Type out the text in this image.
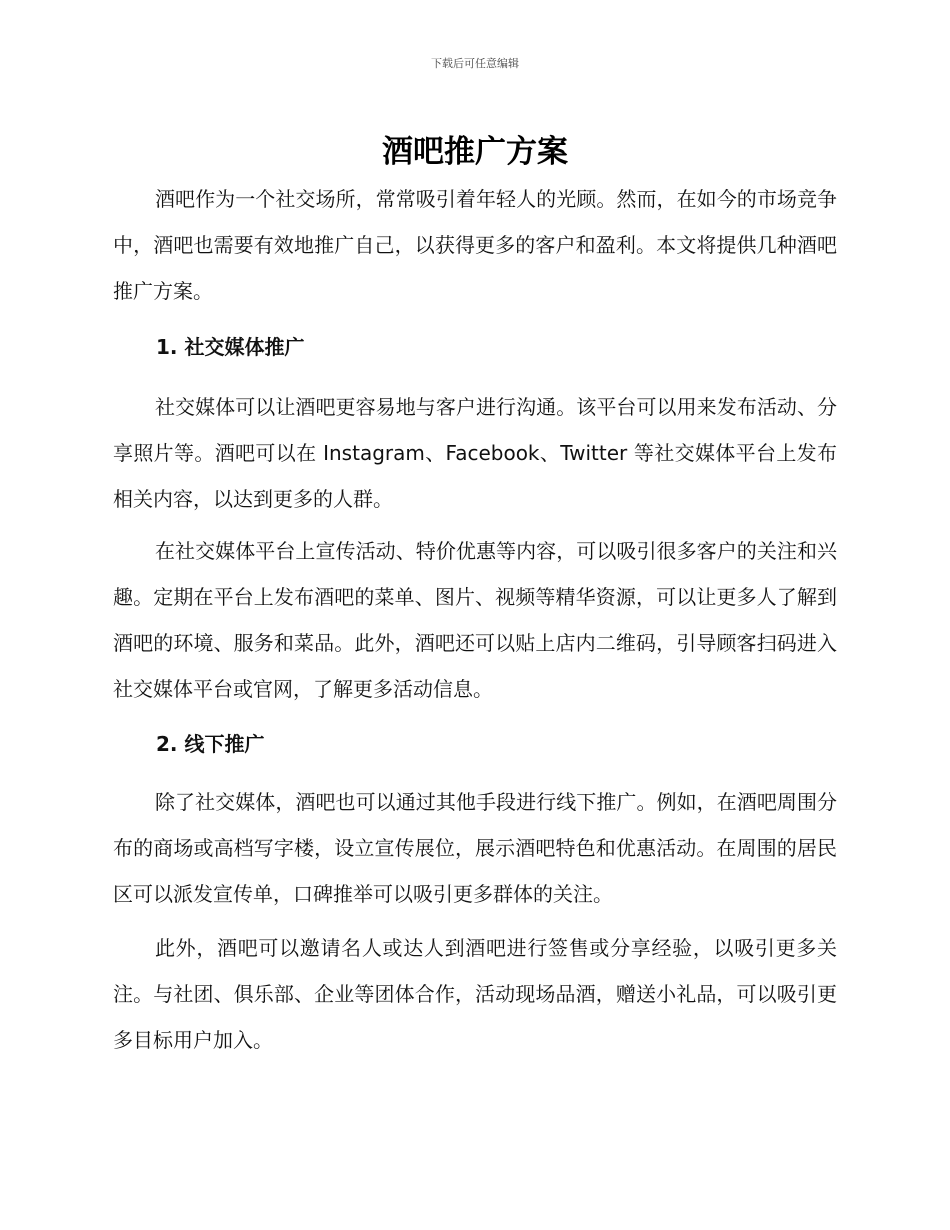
下载后可任意编辑
酒吧推广方案

酒吧作为一个社交场所，常常吸引着年轻人的光顾。然而，在如今的市场竞争中，酒吧也需要有效地推广自己，以获得更多的客户和盈利。本文将提供几种酒吧推广方案。

1. 社交媒体推广

社交媒体可以让酒吧更容易地与客户进行沟通。该平台可以用来发布活动、分享照片等。酒吧可以在 Instagram、Facebook、Twitter 等社交媒体平台上发布相关内容，以达到更多的人群。

在社交媒体平台上宣传活动、特价优惠等内容，可以吸引很多客户的关注和兴趣。定期在平台上发布酒吧的菜单、图片、视频等精华资源，可以让更多人了解到酒吧的环境、服务和菜品。此外，酒吧还可以贴上店内二维码，引导顾客扫码进入社交媒体平台或官网，了解更多活动信息。

2. 线下推广

除了社交媒体，酒吧也可以通过其他手段进行线下推广。例如，在酒吧周围分布的商场或高档写字楼，设立宣传展位，展示酒吧特色和优惠活动。在周围的居民区可以派发宣传单，口碑推举可以吸引更多群体的关注。

此外，酒吧可以邀请名人或达人到酒吧进行签售或分享经验，以吸引更多关注。与社团、俱乐部、企业等团体合作，活动现场品酒，赠送小礼品，可以吸引更多目标用户加入。
